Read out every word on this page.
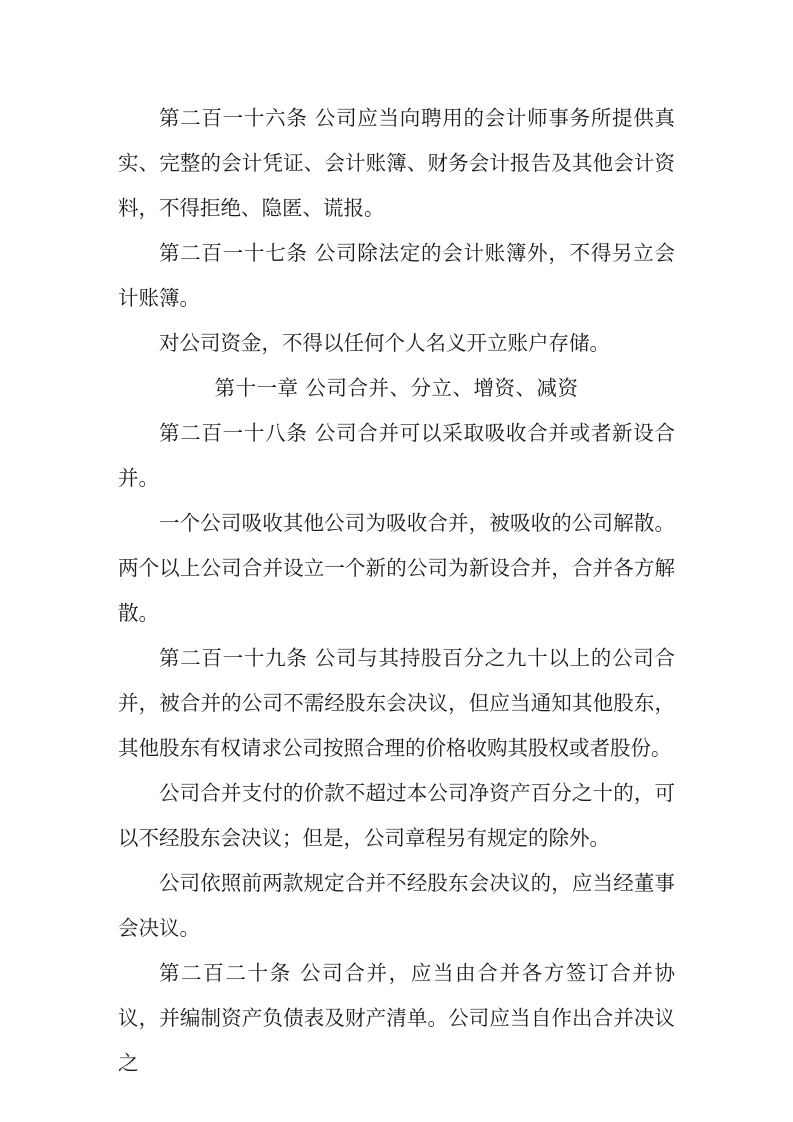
第二百一十六条 公司应当向聘用的会计师事务所提供真实、完整的会计凭证、会计账簿、财务会计报告及其他会计资料，不得拒绝、隐匿、谎报。

第二百一十七条 公司除法定的会计账簿外，不得另立会计账簿。

对公司资金，不得以任何个人名义开立账户存储。

第十一章 公司合并、分立、增资、减资

第二百一十八条 公司合并可以采取吸收合并或者新设合并。

一个公司吸收其他公司为吸收合并，被吸收的公司解散。两个以上公司合并设立一个新的公司为新设合并，合并各方解散。

第二百一十九条 公司与其持股百分之九十以上的公司合并，被合并的公司不需经股东会决议，但应当通知其他股东，其他股东有权请求公司按照合理的价格收购其股权或者股份。

公司合并支付的价款不超过本公司净资产百分之十的，可以不经股东会决议；但是，公司章程另有规定的除外。

公司依照前两款规定合并不经股东会决议的，应当经董事会决议。

第二百二十条 公司合并，应当由合并各方签订合并协议，并编制资产负债表及财产清单。公司应当自作出合并决议之
